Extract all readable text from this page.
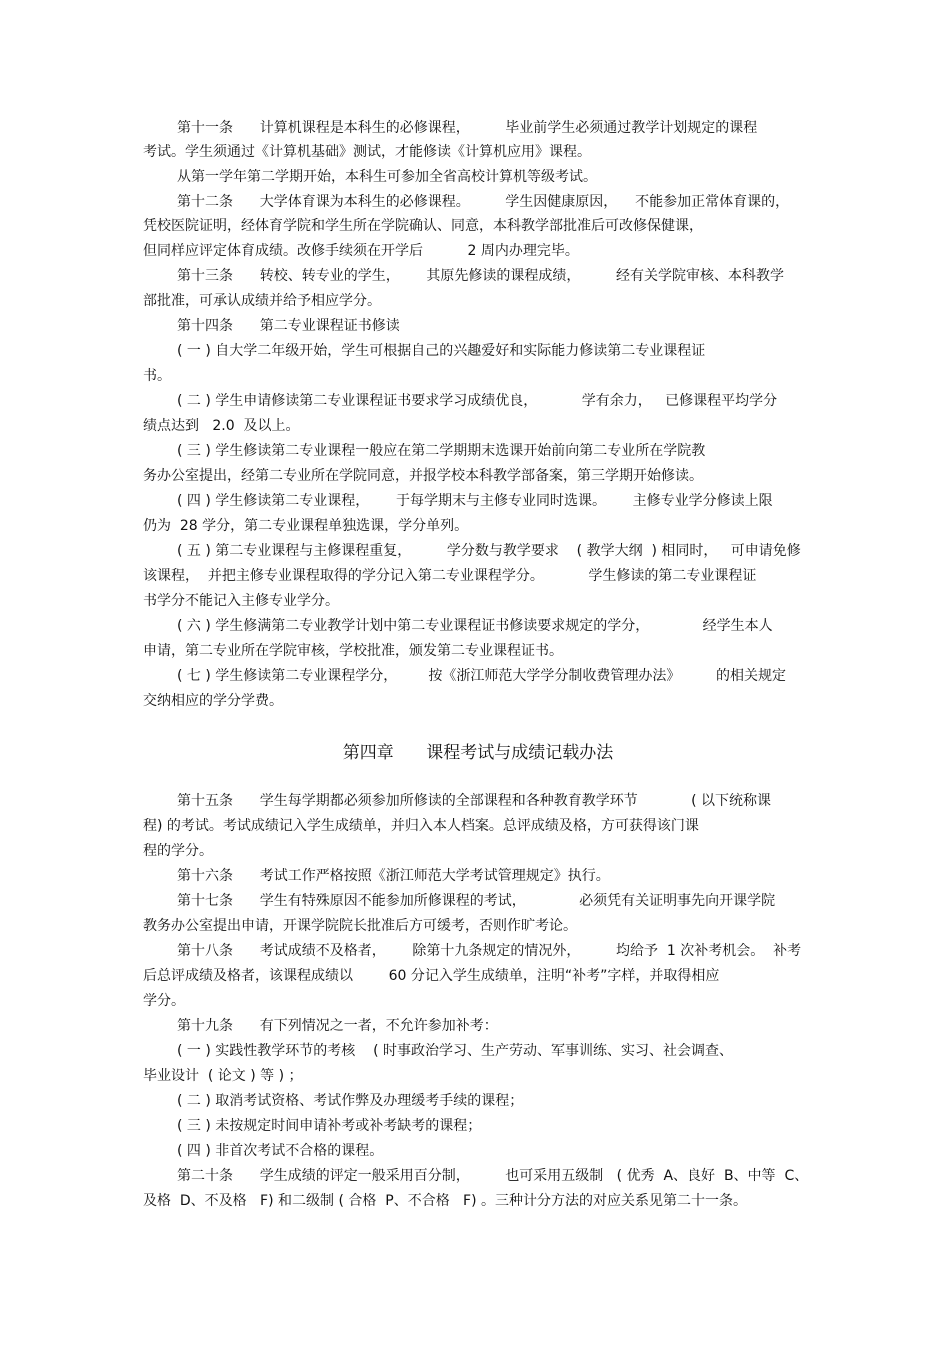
第十一条      计算机课程是本科生的必修课程，        毕业前学生必须通过教学计划规定的课程

考试。学生须通过《计算机基础》测试，才能修读《计算机应用》课程。

从第一学年第二学期开始，本科生可参加全省高校计算机等级考试。

第十二条      大学体育课为本科生的必修课程。        学生因健康原因，    不能参加正常体育课的，

凭校医院证明，经体育学院和学生所在学院确认、同意，本科教学部批准后可改修保健课，

但同样应评定体育成绩。改修手续须在开学后          2 周内办理完毕。

第十三条      转校、转专业的学生，      其原先修读的课程成绩，        经有关学院审核、本科教学

部批准，可承认成绩并给予相应学分。

第十四条      第二专业课程证书修读

( 一 ) 自大学二年级开始，学生可根据自己的兴趣爱好和实际能力修读第二专业课程证

书。

( 二 ) 学生申请修读第二专业课程证书要求学习成绩优良，          学有余力，   已修课程平均学分

绩点达到   2.0  及以上。

( 三 ) 学生修读第二专业课程一般应在第二学期期末选课开始前向第二专业所在学院教

务办公室提出，经第二专业所在学院同意，并报学校本科教学部备案，第三学期开始修读。

( 四 ) 学生修读第二专业课程，      于每学期末与主修专业同时选课。      主修专业学分修读上限

仍为  28 学分，第二专业课程单独选课，学分单列。

( 五 ) 第二专业课程与主修课程重复，        学分数与教学要求    ( 教学大纲  ) 相同时，   可申请免修

该课程，  并把主修专业课程取得的学分记入第二专业课程学分。          学生修读的第二专业课程证

书学分不能记入主修专业学分。

( 六 ) 学生修满第二专业教学计划中第二专业课程证书修读要求规定的学分，            经学生本人

申请，第二专业所在学院审核，学校批准，颁发第二专业课程证书。

( 七 ) 学生修读第二专业课程学分，       按《浙江师范大学学分制收费管理办法》        的相关规定

交纳相应的学分学费。

第四章      课程考试与成绩记载办法

第十五条      学生每学期都必须参加所修读的全部课程和各种教育教学环节            ( 以下统称课

程) 的考试。考试成绩记入学生成绩单，并归入本人档案。总评成绩及格，方可获得该门课

程的学分。

第十六条      考试工作严格按照《浙江师范大学考试管理规定》执行。

第十七条      学生有特殊原因不能参加所修课程的考试，            必须凭有关证明事先向开课学院

教务办公室提出申请，开课学院院长批准后方可缓考，否则作旷考论。

第十八条      考试成绩不及格者，      除第十九条规定的情况外，        均给予  1 次补考机会。  补考

后总评成绩及格者，该课程成绩以        60 分记入学生成绩单，注明“补考”字样，并取得相应

学分。

第十九条      有下列情况之一者，不允许参加补考：

( 一 ) 实践性教学环节的考核    ( 时事政治学习、生产劳动、军事训练、实习、社会调查、

毕业设计  ( 论文 ) 等 ) ；

( 二 ) 取消考试资格、考试作弊及办理缓考手续的课程；

( 三 ) 未按规定时间申请补考或补考缺考的课程；

( 四 ) 非首次考试不合格的课程。

第二十条      学生成绩的评定一般采用百分制，        也可采用五级制   ( 优秀  A、良好  B、中等  C、

及格  D、不及格   F) 和二级制 ( 合格  P、不合格   F) 。三种计分方法的对应关系见第二十一条。
